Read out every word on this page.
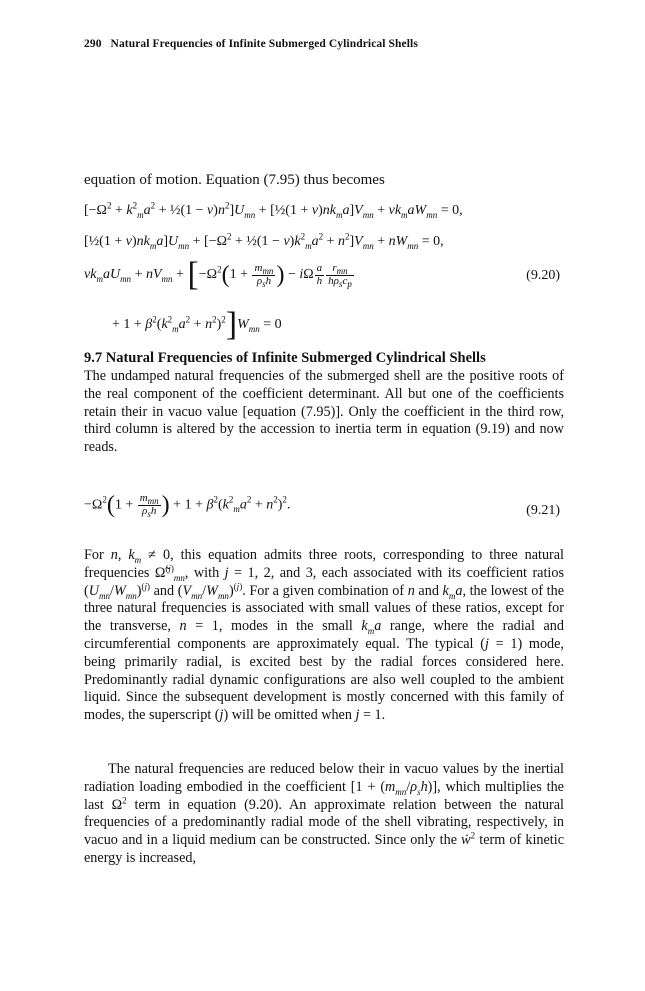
290 Natural Frequencies of Infinite Submerged Cylindrical Shells
equation of motion. Equation (7.95) thus becomes
[$-\Omega^2 + k^2_ma^2$ + ½(1 − $\nu)n^2]U_{mn}$ + [½(1 + $\nu)nk_ma]V_{mn} + \nu k_maW_{mn} = 0$,
[½(1 + $\nu)nk_ma]U_{mn} + [-\Omega^2$ + ½(1 − $\nu)k^2_ma^2 + n^2]V_{mn} + nW_{mn} = 0$,
$\nu k_maU_{mn} + nV_{mn} + [-\Omega^2(1 + \frac{m_{mn}}{\rho_sh}$ ) − iΩ $\frac{a}{h} \frac{r_{mn}}{h\rho_sc_p}$	(9.20)
+ $1 + \beta^2(k^2_ma^2 + n^2)^2]W_{mn} = 0$
9.7 Natural Frequencies of Infinite Submerged Cylindrical Shells
The undamped natural frequencies of the submerged shell are the positive roots of the real component of the coefficient determinant. All but one of the coefficients retain their in vacuo value [equation (7.95)]. Only the coefficient in the third row, third column is altered by the accession to inertia term in equation (9.19) and now reads.
$-\Omega^2(1 + \frac{m_{mn}}{\rho_sh}$ ) + $1 + \beta^2(k^2_ma^2 + n^2)^2$.	(9.21)
For n, $k_m \ne 0$, this equation admits three roots, corresponding to three natural frequencies Ω̃$^{(j)}_{mn}$, with j = 1, 2, and 3, each associated with its coefficient ratios $(U_{mn}/W_{mn})^{(j)}$ and $(V_{mn}/W_{mn})^{(j)}$. For a given combination of n and $k_ma$, the lowest of the three natural frequencies is associated with small values of these ratios, except for the transverse, n = 1, modes in the small $k_ma$ range, where the radial and circumferential components are approximately equal. The typical (j = 1) mode, being primarily radial, is excited best by the radial forces considered here. Predominantly radial dynamic configurations are also well coupled to the ambient liquid. Since the subsequent development is mostly concerned with this family of modes, the superscript (j) will be omitted when j = 1.
The natural frequencies are reduced below their in vacuo values by the inertial radiation loading embodied in the coefficient $[1 + (m_{mn}/\rho_sh)]$, which multiplies the last $\Omega^2$ term in equation (9.20). An approximate relation between the natural frequencies of a predominantly radial mode of the shell vibrating, respectively, in vacuo and in a liquid medium can be constructed. Since only the ẇ$^2$ term of kinetic energy is increased,
